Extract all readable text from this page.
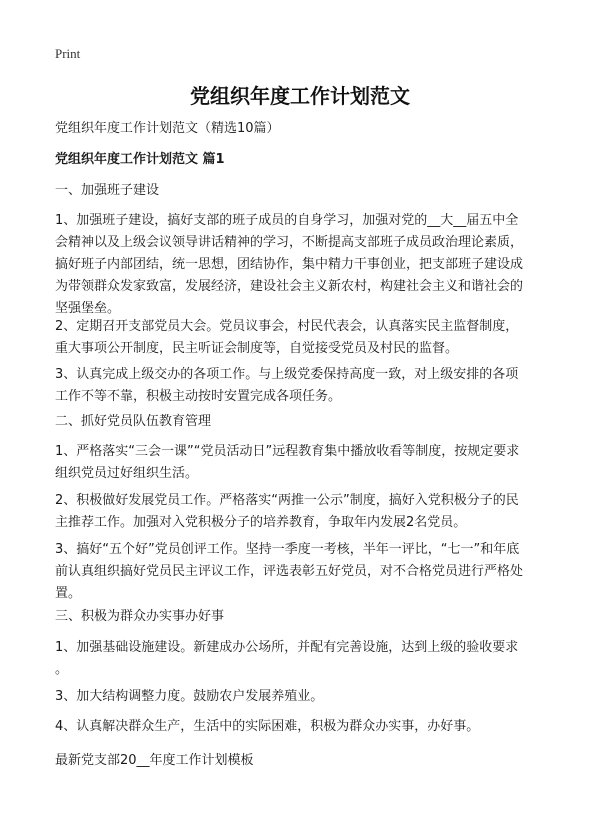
Print
党组织年度工作计划范文
党组织年度工作计划范文（精选10篇）
党组织年度工作计划范文 篇1
一、加强班子建设
1、加强班子建设，搞好支部的班子成员的自身学习，加强对党的__大__届五中全
会精神以及上级会议领导讲话精神的学习，不断提高支部班子成员政治理论素质，
搞好班子内部团结，统一思想，团结协作，集中精力干事创业，把支部班子建设成
为带领群众发家致富，发展经济，建设社会主义新农村，构建社会主义和谐社会的
坚强堡垒。
2、定期召开支部党员大会。党员议事会，村民代表会，认真落实民主监督制度，
重大事项公开制度，民主听证会制度等，自觉接受党员及村民的监督。
3、认真完成上级交办的各项工作。与上级党委保持高度一致，对上级安排的各项
工作不等不靠，积极主动按时安置完成各项任务。
二、抓好党员队伍教育管理
1、严格落实“三会一课”“党员活动日”远程教育集中播放收看等制度，按规定要求
组织党员过好组织生活。
2、积极做好发展党员工作。严格落实“两推一公示”制度，搞好入党积极分子的民
主推荐工作。加强对入党积极分子的培养教育，争取年内发展2名党员。
3、搞好“五个好”党员创评工作。坚持一季度一考核，半年一评比，“七一”和年底
前认真组织搞好党员民主评议工作，评选表彰五好党员，对不合格党员进行严格处
置。
三、积极为群众办实事办好事
1、加强基础设施建设。新建成办公场所，并配有完善设施，达到上级的验收要求
。
3、加大结构调整力度。鼓励农户发展养殖业。
4、认真解决群众生产，生活中的实际困难，积极为群众办实事，办好事。
最新党支部20__年度工作计划模板
